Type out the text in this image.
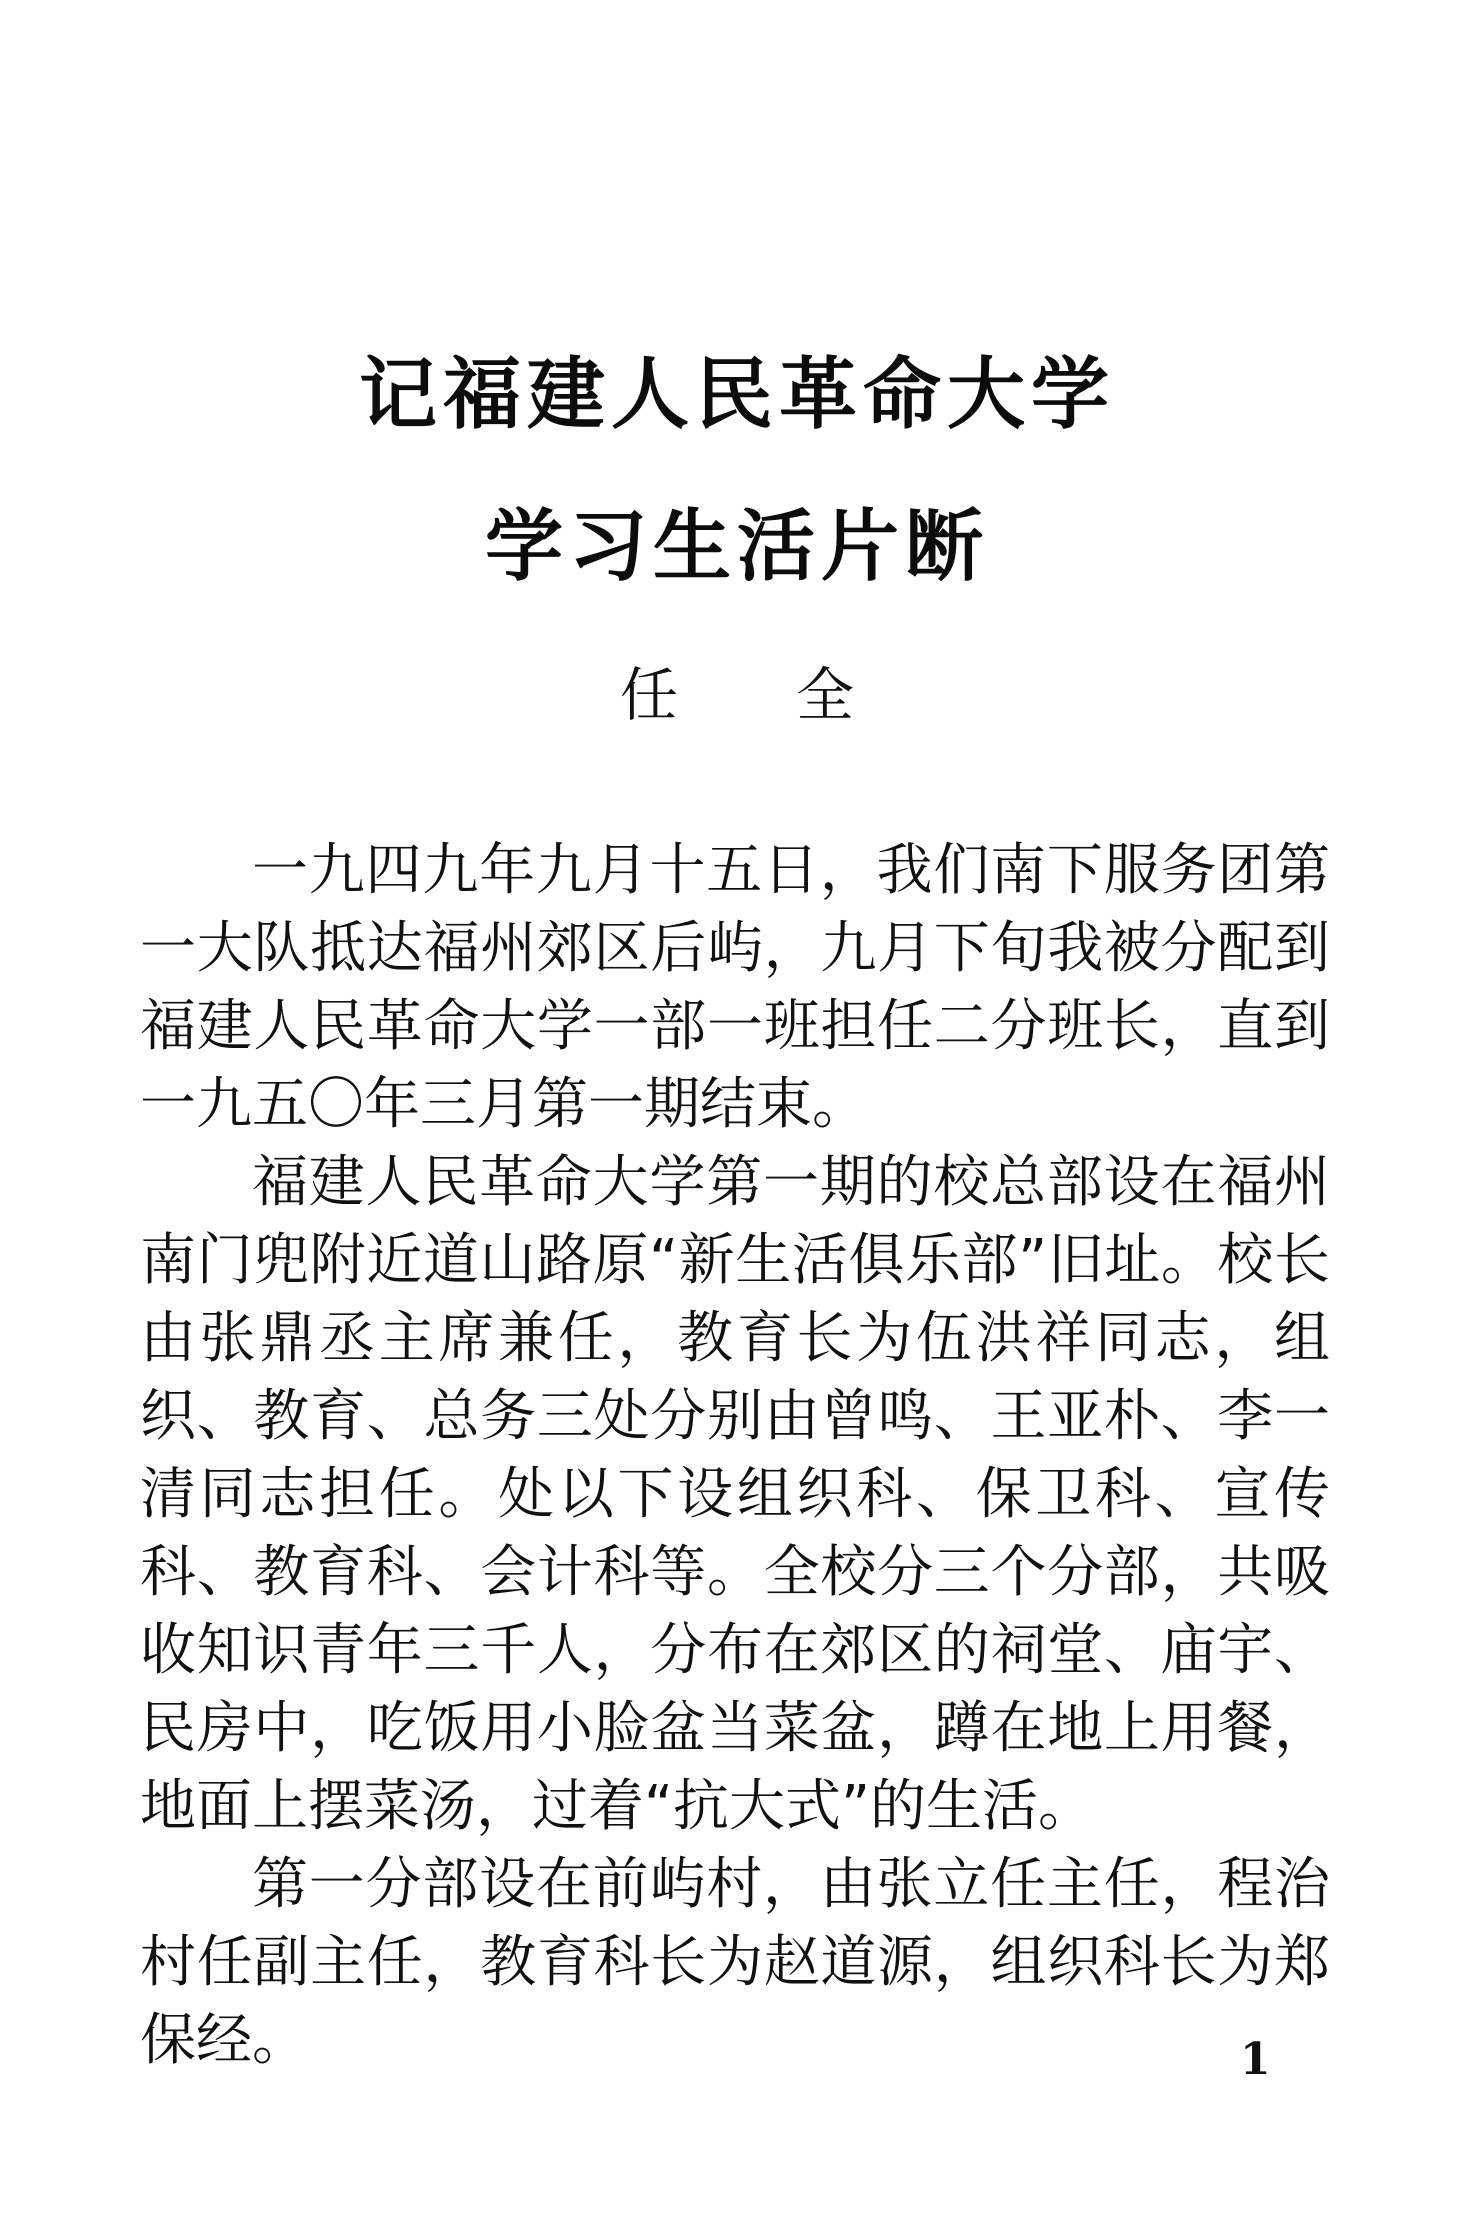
记福建人民革命大学
学习生活片断
任 全

一九四九年九月十五日，我们南下服务团第一大队抵达福州郊区后屿，九月下旬我被分配到福建人民革命大学一部一班担任二分班长，直到一九五〇年三月第一期结束。

福建人民革命大学第一期的校总部设在福州南门兜附近道山路原“新生活俱乐部”旧址。校长由张鼎丞主席兼任，教育长为伍洪祥同志，组织、教育、总务三处分别由曾鸣、王亚朴、李一清同志担任。处以下设组织科、保卫科、宣传科、教育科、会计科等。全校分三个分部，共吸收知识青年三千人，分布在郊区的祠堂、庙宇、民房中，吃饭用小脸盆当菜盆，蹲在地上用餐，地面上摆菜汤，过着“抗大式”的生活。

第一分部设在前屿村，由张立任主任，程治村任副主任，教育科长为赵道源，组织科长为郑保经。	1
